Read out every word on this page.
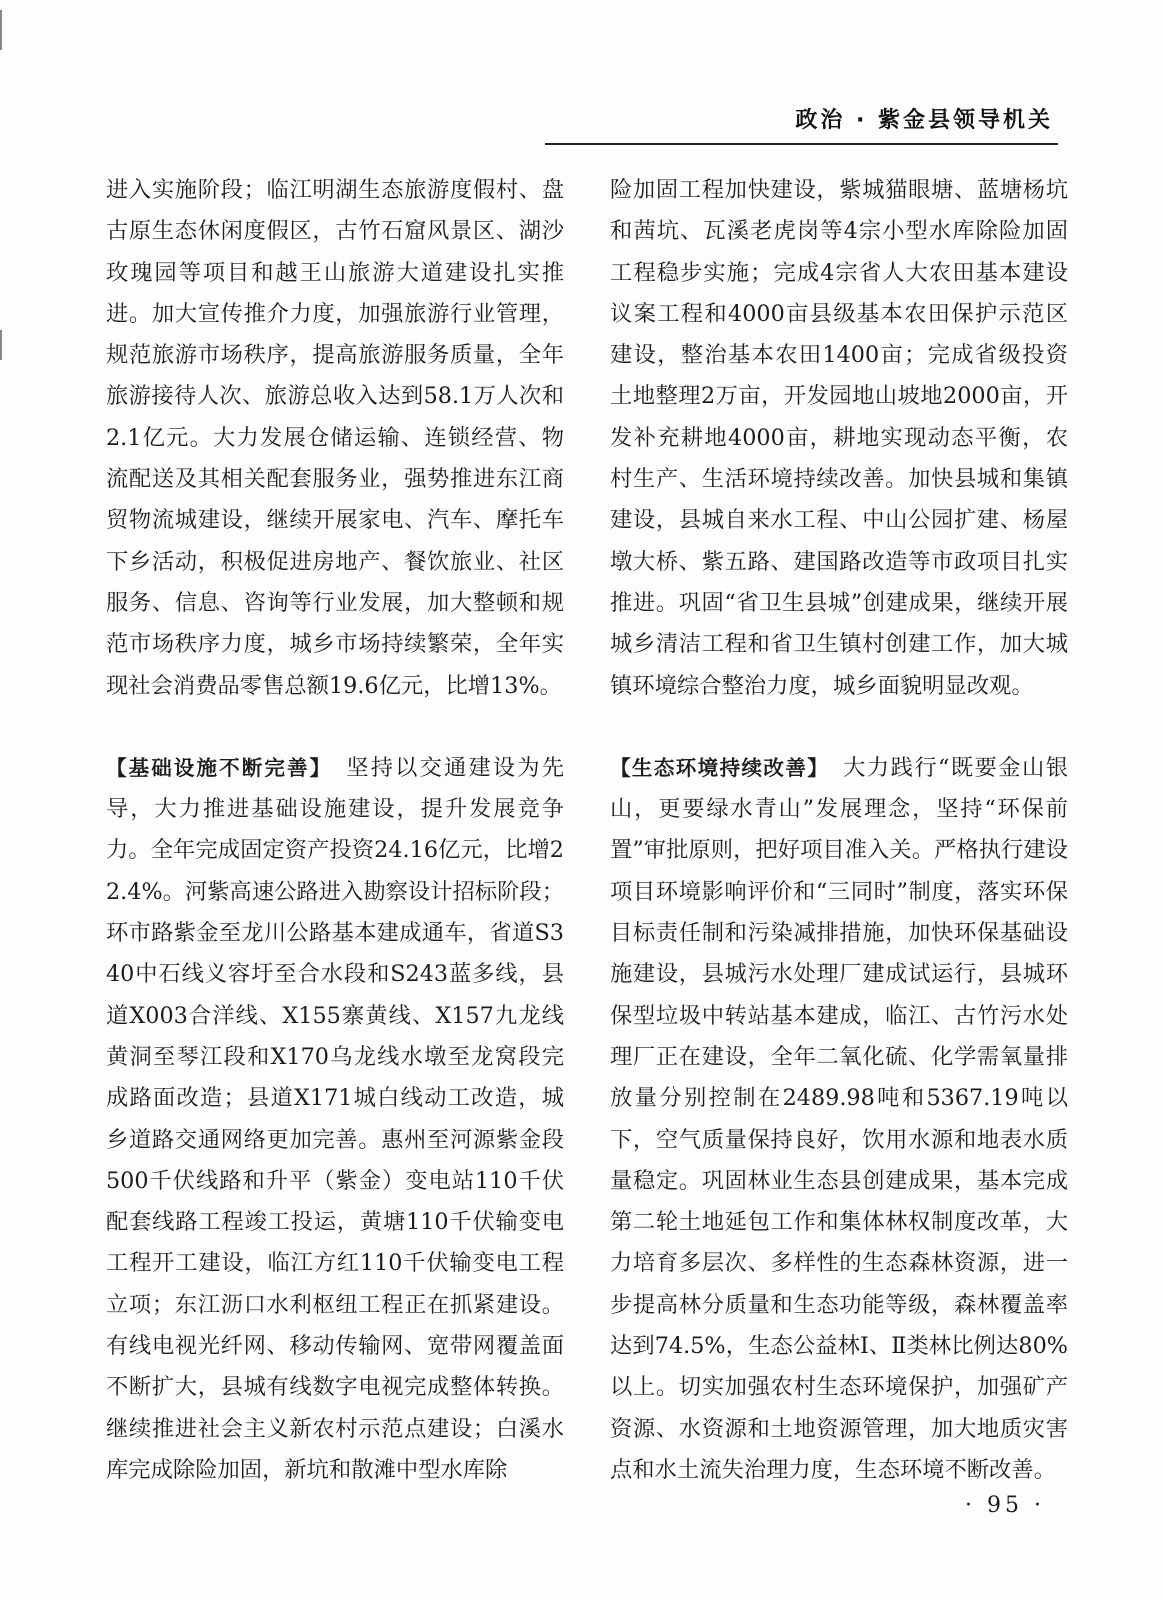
政治 · 紫金县领导机关

进入实施阶段；临江明湖生态旅游度假村、盘古原生态休闲度假区，古竹石窟风景区、湖沙玫瑰园等项目和越王山旅游大道建设扎实推进。加大宣传推介力度，加强旅游行业管理，规范旅游市场秩序，提高旅游服务质量，全年旅游接待人次、旅游总收入达到58.1万人次和2.1亿元。大力发展仓储运输、连锁经营、物流配送及其相关配套服务业，强势推进东江商贸物流城建设，继续开展家电、汽车、摩托车下乡活动，积极促进房地产、餐饮旅业、社区服务、信息、咨询等行业发展，加大整顿和规范市场秩序力度，城乡市场持续繁荣，全年实现社会消费品零售总额19.6亿元，比增13%。

【基础设施不断完善】 坚持以交通建设为先导，大力推进基础设施建设，提升发展竞争力。全年完成固定资产投资24.16亿元，比增22.4%。河紫高速公路进入勘察设计招标阶段；环市路紫金至龙川公路基本建成通车，省道S340中石线义容圩至合水段和S243蓝多线，县道X003合洋线、X155寨黄线、X157九龙线黄洞至琴江段和X170乌龙线水墩至龙窝段完成路面改造；县道X171城白线动工改造，城乡道路交通网络更加完善。惠州至河源紫金段500千伏线路和升平（紫金）变电站110千伏配套线路工程竣工投运，黄塘110千伏输变电工程开工建设，临江方红110千伏输变电工程立项；东江沥口水利枢纽工程正在抓紧建设。有线电视光纤网、移动传输网、宽带网覆盖面不断扩大，县城有线数字电视完成整体转换。继续推进社会主义新农村示范点建设；白溪水库完成除险加固，新坑和散滩中型水库除

险加固工程加快建设，紫城猫眼塘、蓝塘杨坑和茜坑、瓦溪老虎岗等4宗小型水库除险加固工程稳步实施；完成4宗省人大农田基本建设议案工程和4000亩县级基本农田保护示范区建设，整治基本农田1400亩；完成省级投资土地整理2万亩，开发园地山坡地2000亩，开发补充耕地4000亩，耕地实现动态平衡，农村生产、生活环境持续改善。加快县城和集镇建设，县城自来水工程、中山公园扩建、杨屋墩大桥、紫五路、建国路改造等市政项目扎实推进。巩固“省卫生县城”创建成果，继续开展城乡清洁工程和省卫生镇村创建工作，加大城镇环境综合整治力度，城乡面貌明显改观。

【生态环境持续改善】 大力践行“既要金山银山，更要绿水青山”发展理念，坚持“环保前置”审批原则，把好项目准入关。严格执行建设项目环境影响评价和“三同时”制度，落实环保目标责任制和污染减排措施，加快环保基础设施建设，县城污水处理厂建成试运行，县城环保型垃圾中转站基本建成，临江、古竹污水处理厂正在建设，全年二氧化硫、化学需氧量排放量分别控制在2489.98吨和5367.19吨以下，空气质量保持良好，饮用水源和地表水质量稳定。巩固林业生态县创建成果，基本完成第二轮土地延包工作和集体林权制度改革，大力培育多层次、多样性的生态森林资源，进一步提高林分质量和生态功能等级，森林覆盖率达到74.5%，生态公益林Ⅰ、Ⅱ类林比例达80%以上。切实加强农村生态环境保护，加强矿产资源、水资源和土地资源管理，加大地质灾害点和水土流失治理力度，生态环境不断改善。

· 95 ·
